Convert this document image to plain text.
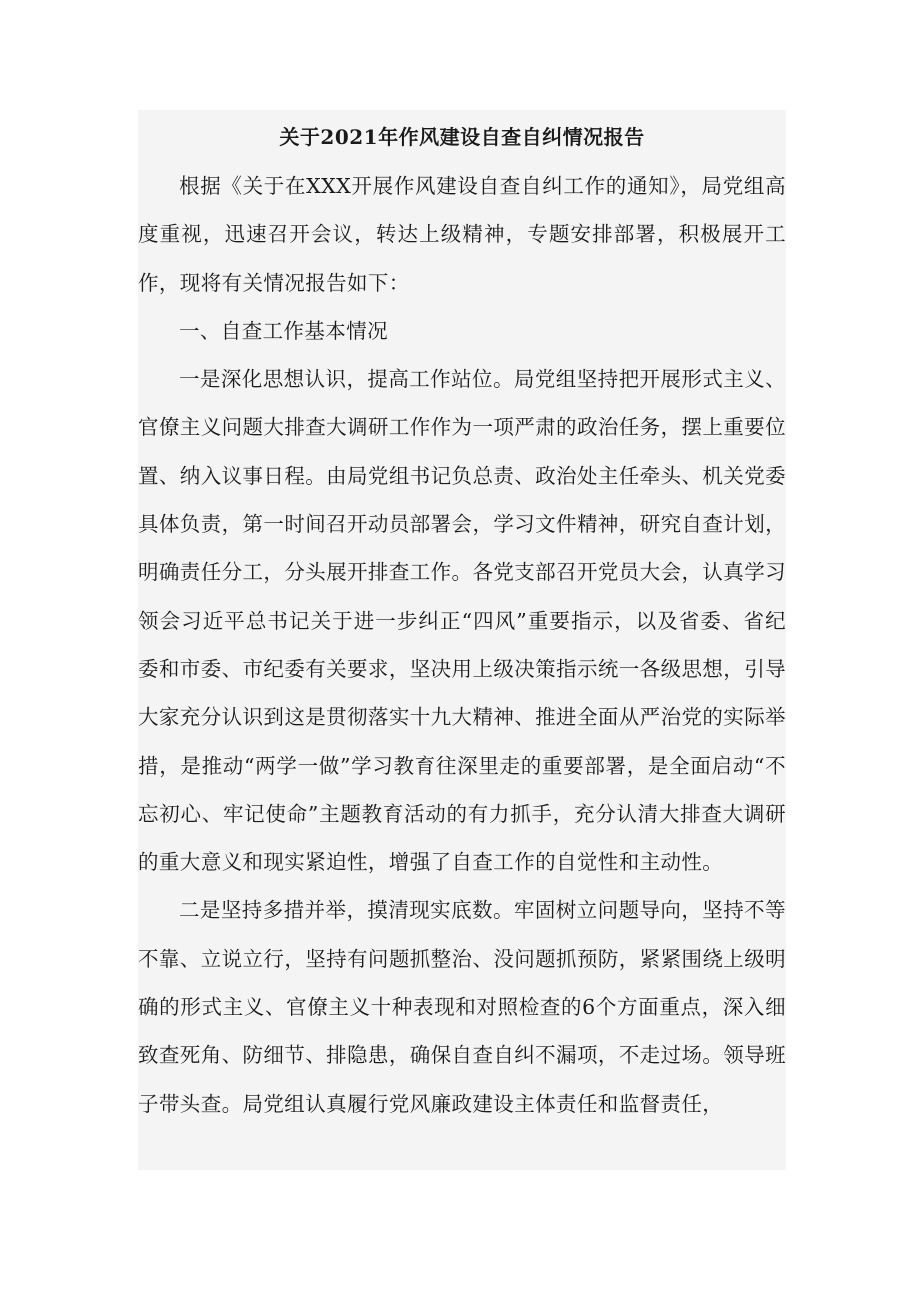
关于2021年作风建设自查自纠情况报告

根据《关于在XXX开展作风建设自查自纠工作的通知》，局党组高度重视，迅速召开会议，转达上级精神，专题安排部署，积极展开工作，现将有关情况报告如下：

一、自查工作基本情况

一是深化思想认识，提高工作站位。局党组坚持把开展形式主义、官僚主义问题大排查大调研工作作为一项严肃的政治任务，摆上重要位置、纳入议事日程。由局党组书记负总责、政治处主任牵头、机关党委具体负责，第一时间召开动员部署会，学习文件精神，研究自查计划，明确责任分工，分头展开排查工作。各党支部召开党员大会，认真学习领会习近平总书记关于进一步纠正“四风”重要指示，以及省委、省纪委和市委、市纪委有关要求，坚决用上级决策指示统一各级思想，引导大家充分认识到这是贯彻落实十九大精神、推进全面从严治党的实际举措，是推动“两学一做”学习教育往深里走的重要部署，是全面启动“不忘初心、牢记使命”主题教育活动的有力抓手，充分认清大排查大调研的重大意义和现实紧迫性，增强了自查工作的自觉性和主动性。

二是坚持多措并举，摸清现实底数。牢固树立问题导向，坚持不等不靠、立说立行，坚持有问题抓整治、没问题抓预防，紧紧围绕上级明确的形式主义、官僚主义十种表现和对照检查的6个方面重点，深入细致查死角、防细节、排隐患，确保自查自纠不漏项，不走过场。领导班子带头查。局党组认真履行党风廉政建设主体责任和监督责任，
